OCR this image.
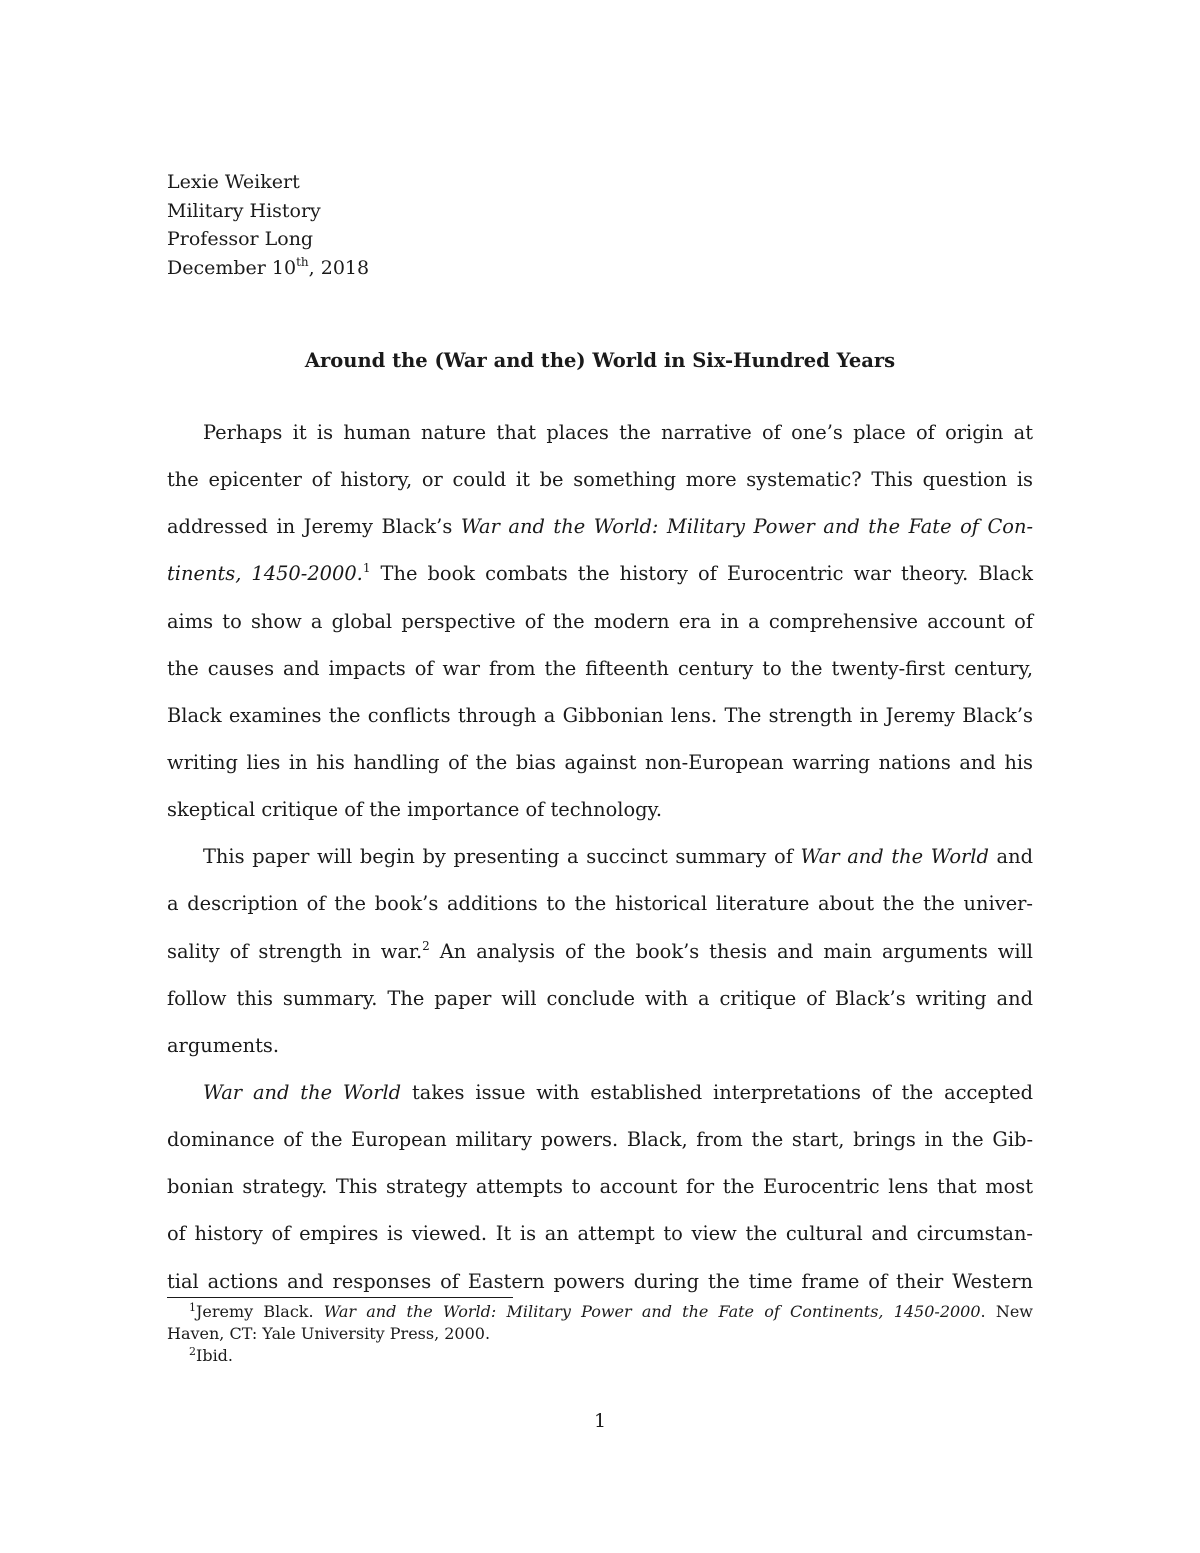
Lexie Weikert
Military History
Professor Long
December 10th, 2018
Around the (War and the) World in Six-Hundred Years
Perhaps it is human nature that places the narrative of one’s place of origin at
the epicenter of history, or could it be something more systematic? This question is
addressed in Jeremy Black’s War and the World: Military Power and the Fate of Con-
tinents, 1450-2000.$^1$ The book combats the history of Eurocentric war theory. Black
aims to show a global perspective of the modern era in a comprehensive account of
the causes and impacts of war from the fifteenth century to the twenty-first century,
Black examines the conflicts through a Gibbonian lens. The strength in Jeremy Black’s
writing lies in his handling of the bias against non-European warring nations and his
skeptical critique of the importance of technology.
This paper will begin by presenting a succinct summary of War and the World and
a description of the book’s additions to the historical literature about the the univer-
sality of strength in war.$^2$ An analysis of the book’s thesis and main arguments will
follow this summary. The paper will conclude with a critique of Black’s writing and
arguments.
War and the World takes issue with established interpretations of the accepted
dominance of the European military powers. Black, from the start, brings in the Gib-
bonian strategy. This strategy attempts to account for the Eurocentric lens that most
of history of empires is viewed. It is an attempt to view the cultural and circumstan-
tial actions and responses of Eastern powers during the time frame of their Western
$^1$Jeremy Black. War and the World: Military Power and the Fate of Continents, 1450-2000. New
Haven, CT: Yale University Press, 2000.
$^2$Ibid.
1
